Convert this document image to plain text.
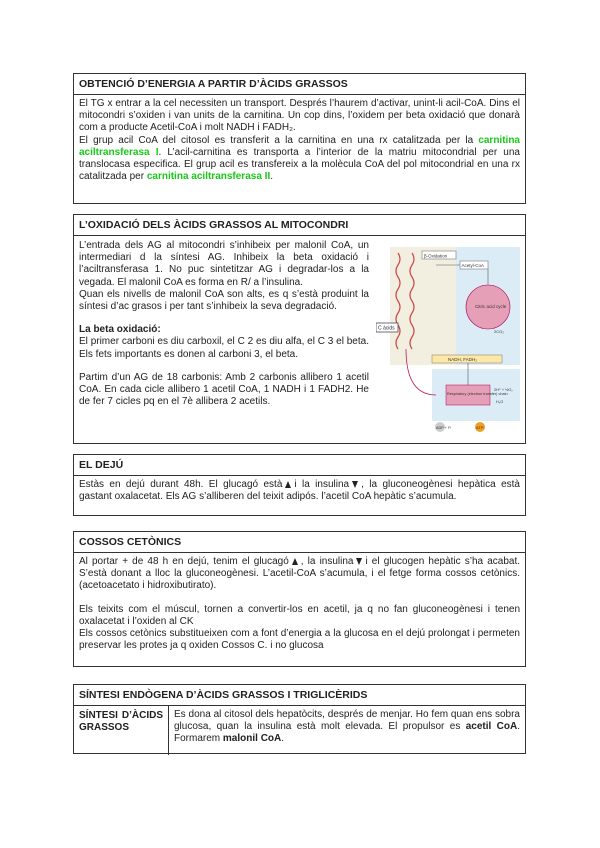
OBTENCIÓ D’ENERGIA A PARTIR D’ÀCIDS GRASSOS

El TG x entrar a la cel necessiten un transport. Després l’haurem d’activar, unint-li acil-CoA. Dins el mitocondri s’oxiden i van units de la carnitina. Un cop dins, l’oxidem per beta oxidació que donarà com a producte Acetil-CoA i molt NADH i FADH₂.

El grup acil CoA del citosol es transferit a la carnitina en una rx catalitzada per la carnitina aciltransferasa I. L’acil-carnitina es transporta a l’interior de la matriu mitocondrial per una translocasa especifica. El grup acil es transfereix a la molècula CoA del pol mitocondrial en una rx catalitzada per carnitina aciltransferasa II.

L’OXIDACIÓ DELS ÀCIDS GRASSOS AL MITOCONDRI

L’entrada dels AG al mitocondri s’inhibeix per malonil CoA, un intermediari d la síntesi AG. Inhibeix la beta oxidació i l’aciltransferasa 1. No puc sintetitzar AG i degradar-los a la vegada. El malonil CoA es forma en R/ a l’insulina.

Quan els nivells de malonil CoA son alts, es q s’està produint la síntesi d’ac grasos i per tant s’inhibeix la seva degradació.

La beta oxidació:

El primer carboni es diu carboxil, el C 2 es diu alfa, el C 3 el beta. Els fets importants es donen al carboni 3, el beta.

Partim d’un AG de 18 carbonis: Amb 2 carbonis allibero 1 acetil CoA. En cada cicle allibero 1 acetil CoA, 1 NADH i 1 FADH2. He de fer 7 cicles pq en el 7è allibera 2 acetils.

β-Oxidation
Acetyl-CoA
Citric acid cycle
2CO₂
NADH, FADH₂
Respiratory (electron transfer) chain
2H⁺ + ½O₂
H₂O
C ácids
ADP + Pᵢ	ATP
EL DEJÚ

Estàs en dejú durant 48h. El glucagó està i la insulina , la gluconeogènesi hepàtica està gastant oxalacetat. Els AG s’alliberen del teixit adipós. l’acetil CoA hepàtic s’acumula.

COSSOS CETÒNICS

Al portar + de 48 h en dejú, tenim el glucagó , la insulina i el glucogen hepàtic s’ha acabat. S’està donant a lloc la gluconeogènesi. L’acetil-CoA s’acumula, i el fetge forma cossos cetònics. (acetoacetato i hidroxibutirato).

Els teixits com el múscul, tornen a convertir-los en acetil, ja q no fan gluconeogènesi i tenen oxalacetat i l’oxiden al CK

Els cossos cetònics substitueixen com a font d’energia a la glucosa en el dejú prolongat i permeten preservar les protes ja q oxiden Cossos C. i no glucosa

SÍNTESI ENDÒGENA D’ÀCIDS GRASSOS I TRIGLICÈRIDS
SÍNTESI D’ÀCIDS
GRASSOS
Es dona al citosol dels hepatòcits, després de menjar. Ho fem quan ens sobra glucosa, quan la insulina està molt elevada. El propulsor es acetil CoA. Formarem malonil CoA.
